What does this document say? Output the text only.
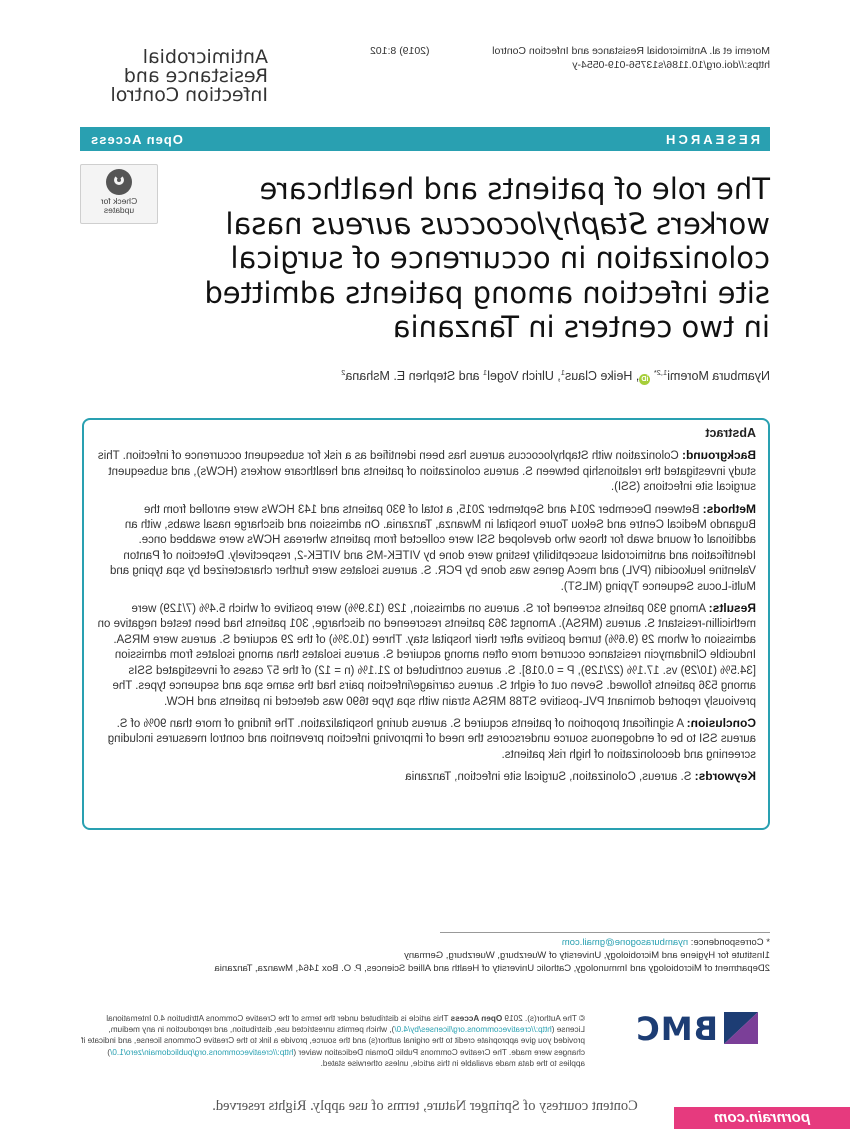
Antimicrobial Resistance and Infection Control
Moremi et al. Antimicrobial Resistance and Infection Control
(2019) 8:102
https://doi.org/10.1186/s13756-019-0554-y
RESEARCH
Open Access
The role of patients and healthcare workers Staphylococcus aureus nasal colonization in occurrence of surgical site infection among patients admitted in two centers in Tanzania
Check for
updates
Nyambura Moremi$^{1,2*}$ iD, Heike Claus$^1$, Ulrich Vogel$^1$ and Stephen E. Mshana$^2$
Abstract

Background: Colonization with Staphylococcus aureus has been identified as a risk for subsequent occurrence of infection. This study investigated the relationship between S. aureus colonization of patients and healthcare workers (HCWs), and subsequent surgical site infections (SSI).

Methods: Between December 2014 and September 2015, a total of 930 patients and 143 HCWs were enrolled from the Bugando Medical Centre and Sekou Toure hospital in Mwanza, Tanzania. On admission and discharge nasal swabs, with an additional of wound swab for those who developed SSI were collected from patients whereas HCWs were swabbed once. Identification and antimicrobial susceptibility testing were done by VITEK-MS and VITEK-2, respectively. Detection of Panton Valentine leukocidin (PVL) and mecA genes was done by PCR. S. aureus isolates were further characterized by spa typing and Multi-Locus Sequence Typing (MLST).

Results: Among 930 patients screened for S. aureus on admission, 129 (13.9%) were positive of which 5.4% (7/129) were methicillin-resistant S. aureus (MRSA). Amongst 363 patients rescreened on discharge, 301 patients had been tested negative on admission of whom 29 (9.6%) turned positive after their hospital stay. Three (10.3%) of the 29 acquired S. aureus were MRSA. Inducible Clindamycin resistance occurred more often among acquired S. aureus isolates than among isolates from admission [34.5% (10/29) vs. 17.1% (22/129), P = 0.018]. S. aureus contributed to 21.1% (n = 12) of the 57 cases of investigated SSIs among 536 patients followed. Seven out of eight S. aureus carriage/infection pairs had the same spa and sequence types. The previously reported dominant PVL-positive ST88 MRSA strain with spa type t690 was detected in patients and HCW.

Conclusion: A significant proportion of patients acquired S. aureus during hospitalization. The finding of more than 90% of S. aureus SSI to be of endogenous source underscores the need of improving infection prevention and control measures including screening and decolonization of high risk patients.

Keywords: S. aureus, Colonization, Surgical site infection, Tanzania

* Correspondence: nyamburasogone@gmail.com
1Institute for Hygiene and Microbiology, University of Wuerzburg, Wuerzburg, Germany
2Department of Microbiology and Immunology, Catholic University of Health and Allied Sciences, P. O. Box 1464, Mwanza, Tanzania
BMC
© The Author(s). 2019 Open Access This article is distributed under the terms of the Creative Commons Attribution 4.0 International License (http://creativecommons.org/licenses/by/4.0/), which permits unrestricted use, distribution, and reproduction in any medium, provided you give appropriate credit to the original author(s) and the source, provide a link to the Creative Commons license, and indicate if changes were made. The Creative Commons Public Domain Dedication waiver (http://creativecommons.org/publicdomain/zero/1.0/) applies to the data made available in this article, unless otherwise stated.
Content courtesy of Springer Nature, terms of use apply. Rights reserved.
pornrain.com
